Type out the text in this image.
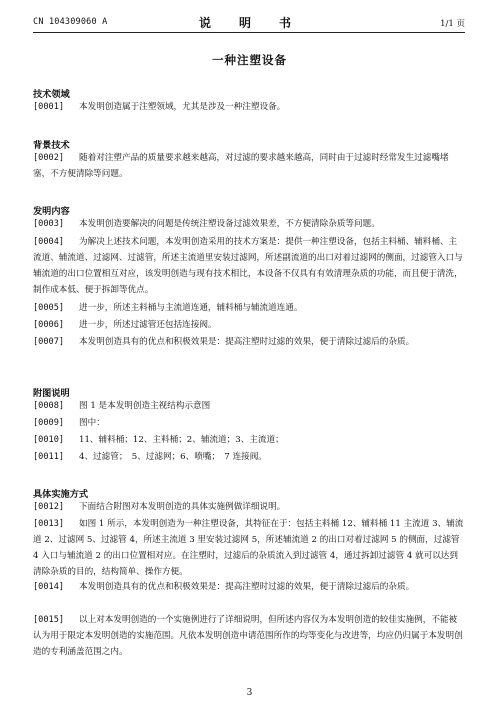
CN 104309060 A	说　明　书	1/1 页
一种注塑设备
技术领域
[0001] 本发明创造属于注塑领域，尤其是涉及一种注塑设备。
背景技术
[0002] 随着对注塑产品的质量要求越来越高，对过滤的要求越来越高，同时由于过滤时经常发生过滤嘴堵塞，不方便清除等问题。
发明内容
[0003] 本发明创造要解决的问题是传统注塑设备过滤效果差，不方便清除杂质等问题。
[0004] 为解决上述技术问题，本发明创造采用的技术方案是：提供一种注塑设备，包括主料桶、辅料桶、主流道、辅流道、过滤网、过滤管，所述主流道里安装过滤网，所述副流道的出口对着过滤网的侧面，过滤管入口与辅流道的出口位置相互对应，该发明创造与现有技术相比，本设备不仅具有有效清理杂质的功能，而且便于清洗，制作成本低、便于拆卸等优点。
[0005] 进一步，所述主料桶与主流道连通，辅料桶与辅流道连通。
[0006] 进一步，所述过滤管还包括连接阀。
[0007] 本发明创造具有的优点和积极效果是：提高注塑时过滤的效果，便于清除过滤后的杂质。
附图说明
[0008] 图 1 是本发明创造主视结构示意图
[0009] 图中：
[0010] 11、辅料桶；12、主料桶；2、辅流道；3、主流道；
[0011] 4、过滤管；　5、过滤网；6、喷嘴；　7 连接阀。
具体实施方式
[0012] 下面结合附图对本发明创造的具体实施例做详细说明。
[0013] 如图 1 所示，本发明创造为一种注塑设备，其特征在于：包括主料桶 12、辅料桶 11 主流道 3、辅流道 2、过滤网 5、过滤管 4，所述主流道 3 里安装过滤网 5，所述辅流道 2 的出口对着过滤网 5 的侧面，过滤管 4 入口与辅流道 2 的出口位置相对应。在注塑时，过滤后的杂质流入到过滤管 4，通过拆卸过滤管 4 就可以达到清除杂质的目的，结构简单、操作方便。
[0014] 本发明创造具有的优点和积极效果是：提高注塑时过滤的效果，便于清除过滤后的杂质。
[0015] 以上对本发明创造的一个实施例进行了详细说明，但所述内容仅为本发明创造的较佳实施例，不能被认为用于限定本发明创造的实施范围。凡依本发明创造申请范围所作的均等变化与改进等，均应仍归属于本发明创造的专利涵盖范围之内。
3
